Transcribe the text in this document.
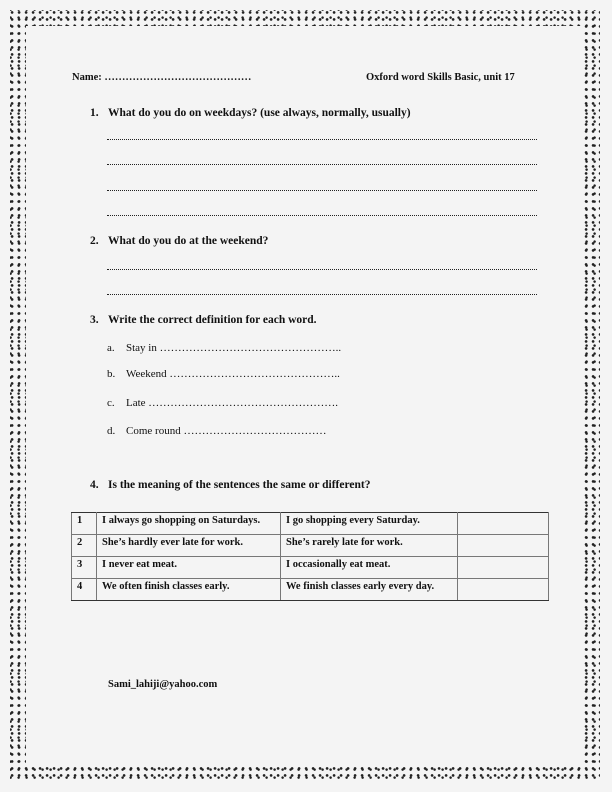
Name: ……………………………………	Oxford word Skills Basic, unit 17
1. What do you do on weekdays? (use always, normally, usually)
2. What do you do at the weekend?
3. Write the correct definition for each word.
a. Stay in …………………………………………..
b. Weekend ………………………………………..
c. Late …………………………………………….
d. Come round …………………………………
4. Is the meaning of the sentences the same or different?
1	I always go shopping on Saturdays.	I go shopping every Saturday.	
2	She’s hardly ever late for work.	She’s rarely late for work.	
3	I never eat meat.	I occasionally eat meat.	
4	We often finish classes early.	We finish classes early every day.	
Sami_lahiji@yahoo.com
